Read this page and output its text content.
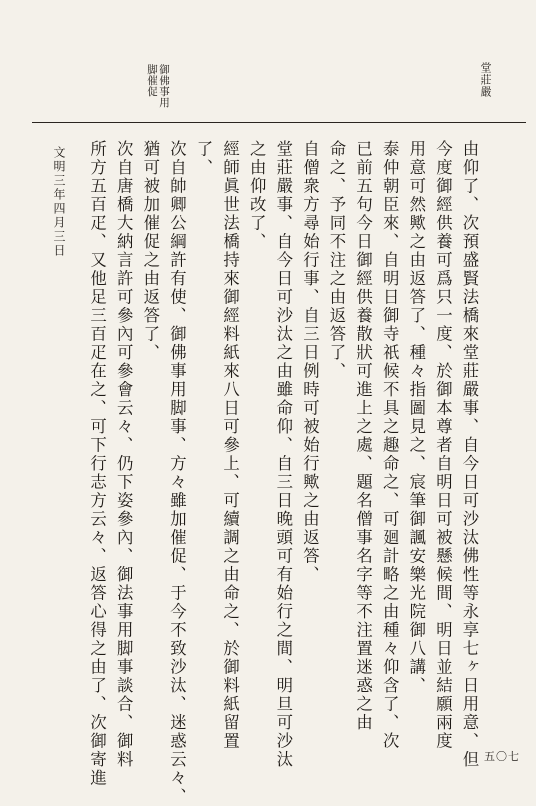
堂莊嚴
御佛事用
脚催促
由仰了、次預盛賢法橋來堂莊嚴事、自今日可沙汰佛性等永享七ヶ日用意、但
今度御經供養可爲只一度、於御本尊者自明日可被懸候間、明日並結願兩度
用意可然歟之由返答了、種々指圖見之、宸筆御諷安樂光院御八講、
泰仲朝臣來、自明日御寺祇候不具之趣命之、可廻計略之由種々仰含了、次
已前五句今日御經供養散狀可進上之處、題名僧事名字等不注置迷惑之由
命之、予同不注之由返答了、
自僧衆方尋始行事、自三日例時可被始行歟之由返答、
堂莊嚴事、自今日可沙汰之由雖命仰、自三日晚頭可有始行之間、明旦可沙汰
之由仰改了、
經師眞世法橋持來御經料紙來八日可參上、可續調之由命之、於御料紙留置
了、
次自帥卿公綱許有使、御佛事用脚事、方々雖加催促、于今不致沙汰、迷惑云々、
猶可被加催促之由返答了、
次自唐橋大納言許可參內可參會云々、仍下姿參內、御法事用脚事談合、御料
所方五百疋、又他足三百疋在之、可下行志方云々、返答心得之由了、次御寄進
文明三年四月三日
五〇七
